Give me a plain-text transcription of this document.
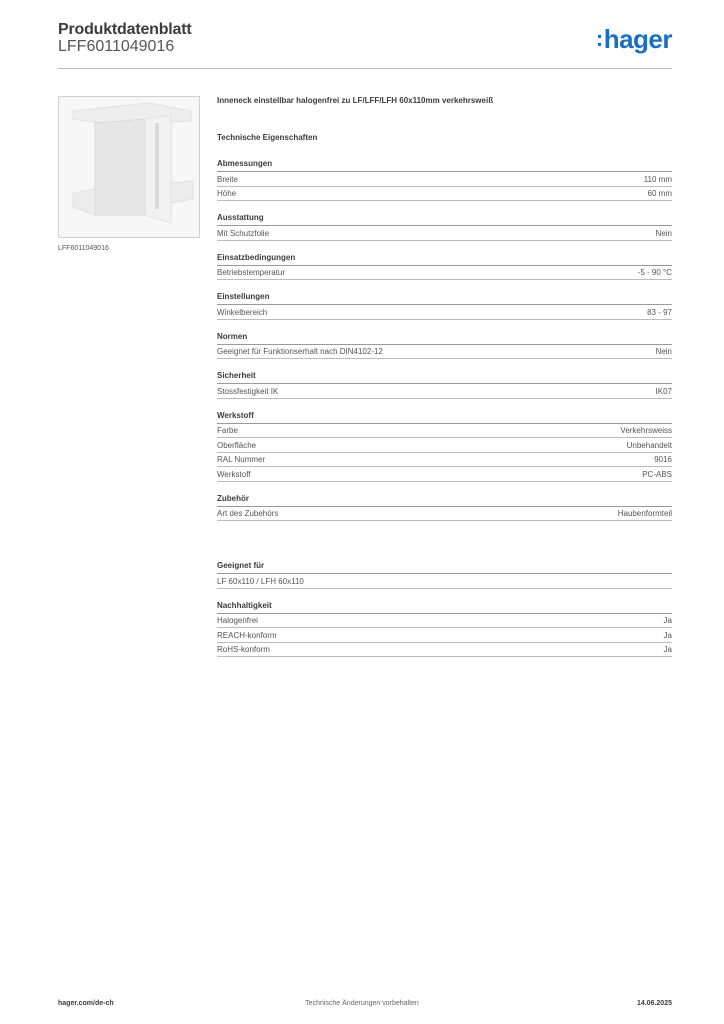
Produktdatenblatt
LFF6011049016	:hager
LFF6011049016
Inneneck einstellbar halogenfrei zu LF/LFF/LFH 60x110mm verkehrsweiß
Technische Eigenschaften
Abmessungen
Breite	110 mm
Höhe	60 mm
Ausstattung
Mit Schutzfolie	Nein
Einsatzbedingungen
Betriebstemperatur	-5 - 90 °C
Einstellungen
Winkelbereich	83 - 97
Normen
Geeignet für Funktionserhalt nach DIN4102-12	Nein
Sicherheit
Stossfestigkeit IK	IK07
Werkstoff
Farbe	Verkehrsweiss
Oberfläche	Unbehandelt
RAL Nummer	9016
Werkstoff	PC-ABS
Zubehör
Art des Zubehörs	Haubenformteil
Geeignet für
LF 60x110 / LFH 60x110
Nachhaltigkeit
Halogenfrei	Ja
REACH-konform	Ja
RoHS-konform	Ja
hager.com/de-ch	Technische Änderungen vorbehalten	14.06.2025
